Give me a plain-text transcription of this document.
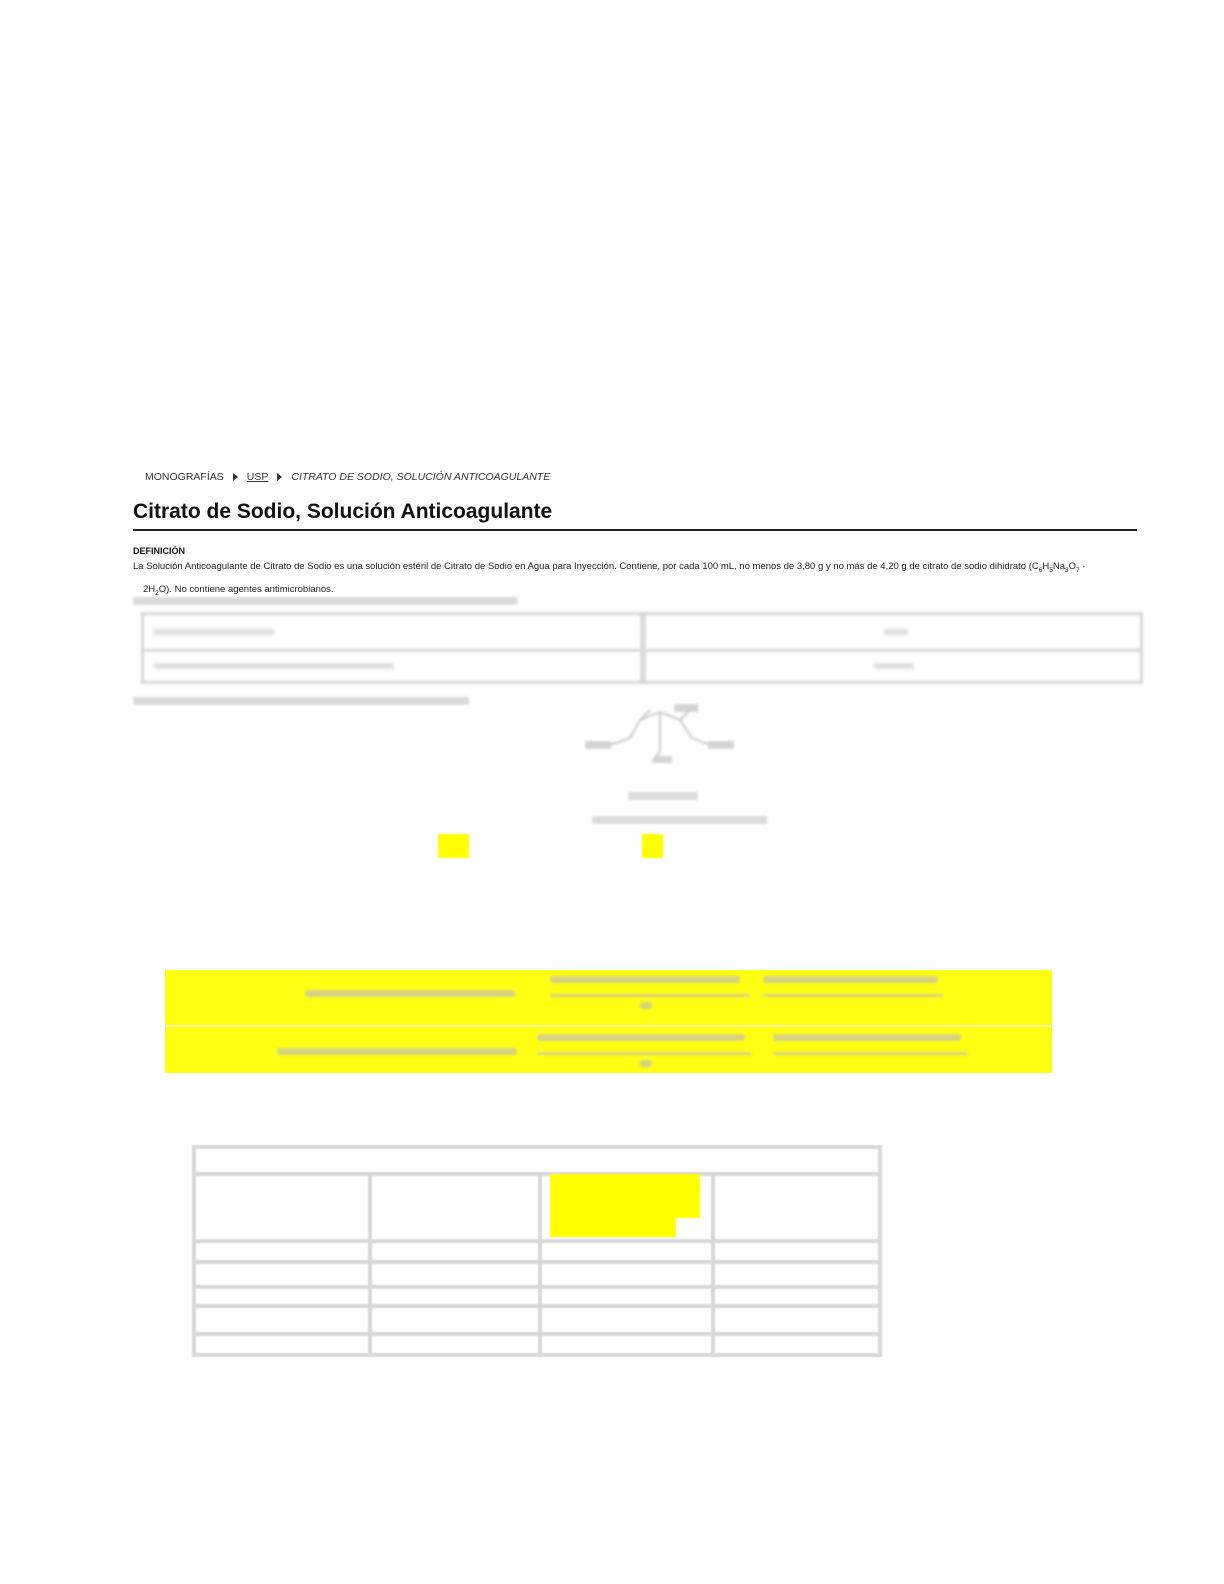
MONOGRAFÍAS USP CITRATO DE SODIO, SOLUCIÓN ANTICOAGULANTE
Citrato de Sodio, Solución Anticoagulante
DEFINICIÓN
La Solución Anticoagulante de Citrato de Sodio es una solución estéril de Citrato de Sodio en Agua para Inyección. Contiene, por cada 100 mL, no menos de 3,80 g y no más de 4,20 g de citrato de sodio dihidrato ($C_6H_5Na_3O_7$ ·
$2H_2O$). No contiene agentes antimicrobianos.
